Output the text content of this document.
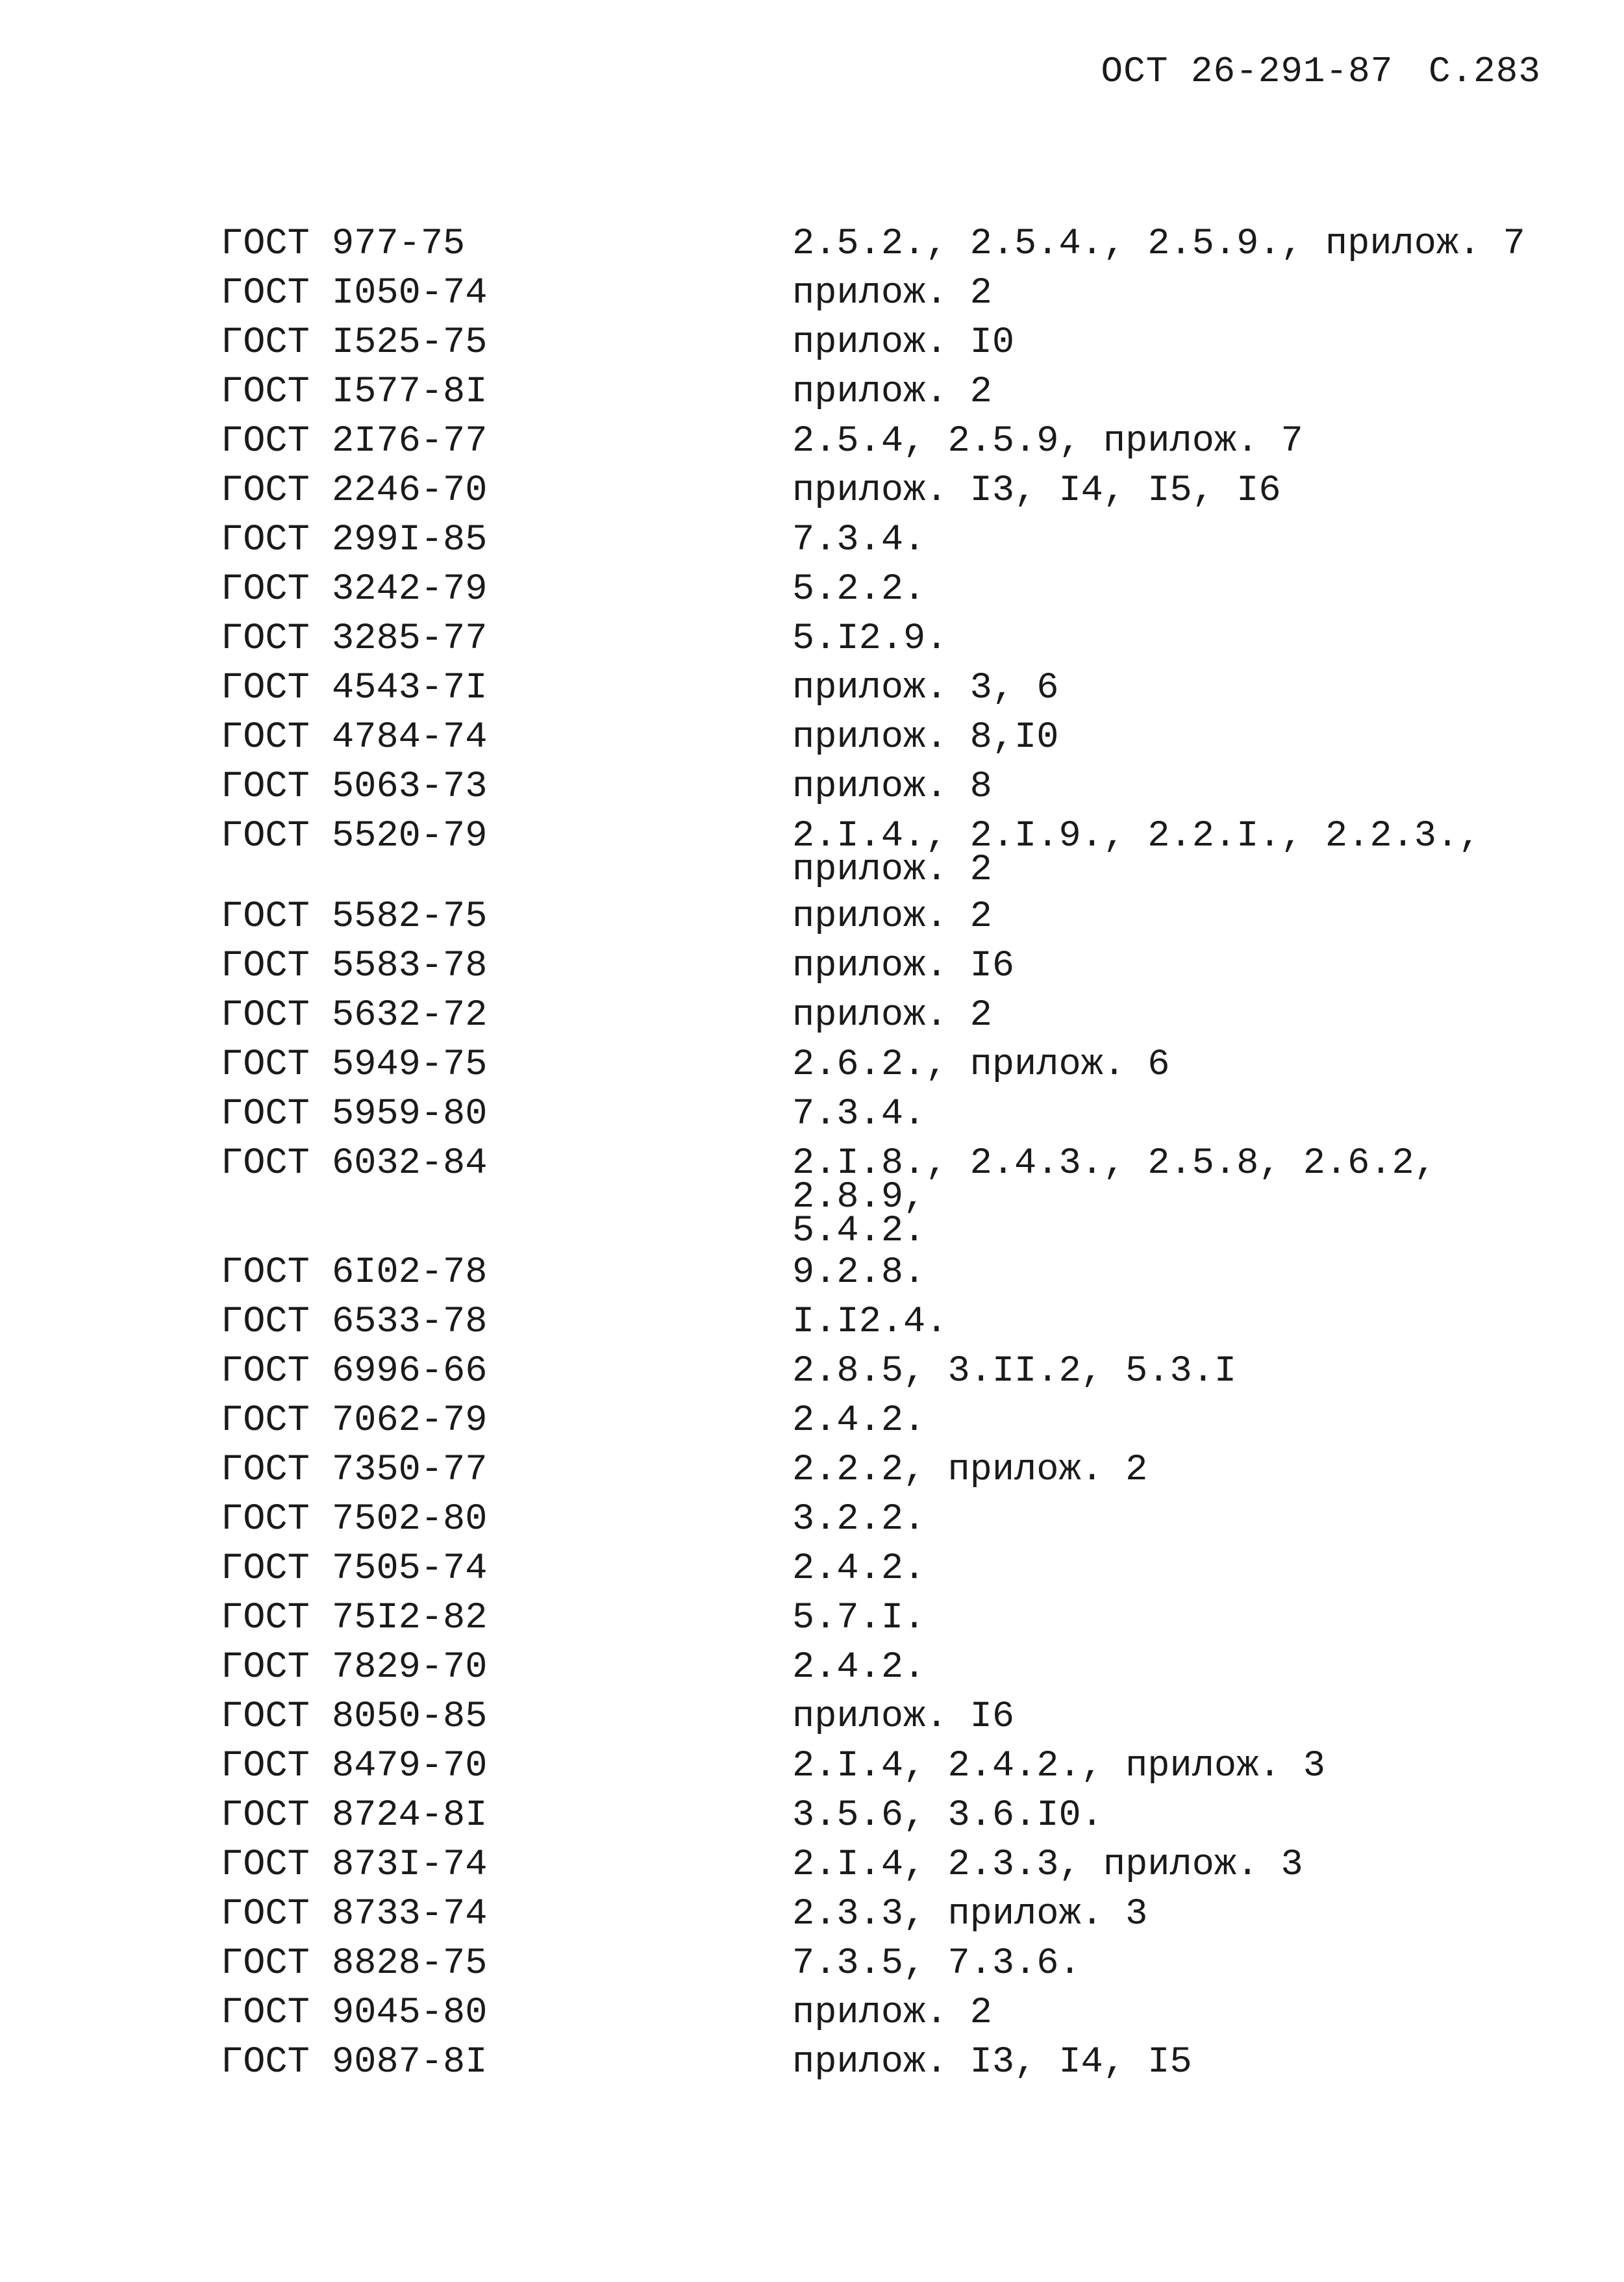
ОСТ 26-291-87 С.283
ГОСТ 977-75	2.5.2., 2.5.4., 2.5.9., прилож. 7
ГОСТ I050-74	прилож. 2
ГОСТ I525-75	прилож. I0
ГОСТ I577-8I	прилож. 2
ГОСТ 2I76-77	2.5.4, 2.5.9, прилож. 7
ГОСТ 2246-70	прилож. I3, I4, I5, I6
ГОСТ 299I-85	7.3.4.
ГОСТ 3242-79	5.2.2.
ГОСТ 3285-77	5.I2.9.
ГОСТ 4543-7I	прилож. 3, 6
ГОСТ 4784-74	прилож. 8,I0
ГОСТ 5063-73	прилож. 8
ГОСТ 5520-79	2.I.4., 2.I.9., 2.2.I., 2.2.3.,
прилож. 2
ГОСТ 5582-75	прилож. 2
ГОСТ 5583-78	прилож. I6
ГОСТ 5632-72	прилож. 2
ГОСТ 5949-75	2.6.2., прилож. 6
ГОСТ 5959-80	7.3.4.
ГОСТ 6032-84	2.I.8., 2.4.3., 2.5.8, 2.6.2, 2.8.9,
5.4.2.
ГОСТ 6I02-78	9.2.8.
ГОСТ 6533-78	I.I2.4.
ГОСТ 6996-66	2.8.5, 3.II.2, 5.3.I
ГОСТ 7062-79	2.4.2.
ГОСТ 7350-77	2.2.2, прилож. 2
ГОСТ 7502-80	3.2.2.
ГОСТ 7505-74	2.4.2.
ГОСТ 75I2-82	5.7.I.
ГОСТ 7829-70	2.4.2.
ГОСТ 8050-85	прилож. I6
ГОСТ 8479-70	2.I.4, 2.4.2., прилож. 3
ГОСТ 8724-8I	3.5.6, 3.6.I0.
ГОСТ 873I-74	2.I.4, 2.3.3, прилож. 3
ГОСТ 8733-74	2.3.3, прилож. 3
ГОСТ 8828-75	7.3.5, 7.3.6.
ГОСТ 9045-80	прилож. 2
ГОСТ 9087-8I	прилож. I3, I4, I5
